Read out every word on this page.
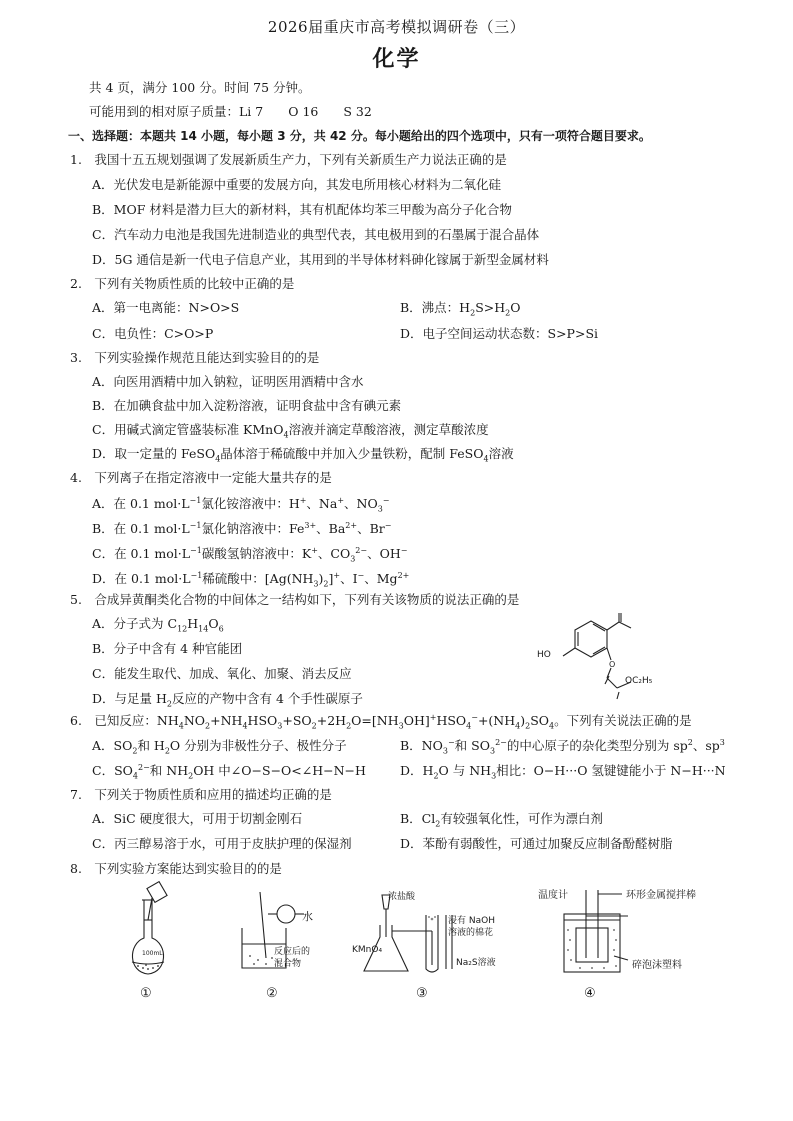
2026届重庆市高考模拟调研卷（三）
化学
共 4 页，满分 100 分。时间 75 分钟。
可能用到的相对原子质量：Li 7　　O 16　　S 32
一、选择题：本题共 14 小题，每小题 3 分，共 42 分。每小题给出的四个选项中，只有一项符合题目要求。
1.　我国十五五规划强调了发展新质生产力，下列有关新质生产力说法正确的是
A．光伏发电是新能源中重要的发展方向，其发电所用核心材料为二氧化硅
B．MOF 材料是潜力巨大的新材料，其有机配体均苯三甲酸为高分子化合物
C．汽车动力电池是我国先进制造业的典型代表，其电极用到的石墨属于混合晶体
D．5G 通信是新一代电子信息产业，其用到的半导体材料砷化镓属于新型金属材料
2.　下列有关物质性质的比较中正确的是
A．第一电离能：N>O>S	B．沸点：$H_2S>H_2O$
C．电负性：C>O>P	D．电子空间运动状态数：S>P>Si
3.　下列实验操作规范且能达到实验目的的是
A．向医用酒精中加入钠粒，证明医用酒精中含水
B．在加碘食盐中加入淀粉溶液，证明食盐中含有碘元素
C．用碱式滴定管盛装标准 KMnO$_4$溶液并滴定草酸溶液，测定草酸浓度
D．取一定量的 FeSO$_4$晶体溶于稀硫酸中并加入少量铁粉，配制 FeSO$_4$溶液
4.　下列离子在指定溶液中一定能大量共存的是
A．在 0.1 $mol\cdot L^{-1}$氯化铵溶液中：H+、Na+、$NO_3^-$
B．在 0.1 $mol\cdot L^{-1}$氯化钠溶液中：$Fe^{3+}$、$Ba^{2+}$、Br−
C．在 0.1 $mol\cdot L^{-1}$碳酸氢钠溶液中：K+、$CO_3^{2-}$、OH−
D．在 0.1 $mol\cdot L^{-1}$稀硫酸中：$[Ag(NH_3)_2]^+$、I−、$Mg^{2+}$
5.　合成异黄酮类化合物的中间体之一结构如下，下列有关该物质的说法正确的是
A．分子式为 $C_{12}H_{14}O_6$
B．分子中含有 4 种官能团
C．能发生取代、加成、氧化、加聚、消去反应
D．与足量 $H_2$反应的产物中含有 4 个手性碳原子
O
HO
OC₂H₅
6.　已知反应：$NH_4NO_2+NH_4HSO_3+SO_2+2H_2O=[NH_3OH]^+HSO_4^-+(NH_4)_2SO_4$。下列有关说法正确的是
A．$SO_2$和 $H_2O$ 分别为非极性分子、极性分子	B．$NO_3^-$和 $SO_3^{2-}$的中心原子的杂化类型分别为 $sp^2$、$sp^3$
C．$SO_4^{2-}$和 $NH_2OH$ 中∠O−S−O<∠H−N−H	D．$H_2O$ 与 $NH_3$相比：O−H···O 氢键键能小于 N−H···N
7.　下列关于物质性质和应用的描述均正确的是
A．SiC 硬度很大，可用于切割金刚石	B．$Cl_2$有较强氧化性，可作为漂白剂
C．丙三醇易溶于水，可用于皮肤护理的保湿剂	D．苯酚有弱酸性，可通过加聚反应制备酚醛树脂
8.　下列实验方案能达到实验目的的是
100mL
①
水
反应后的
混合物
②
浓盐酸
浸有 NaOH
溶液的棉花
KMnO₄
Na₂S溶液
③
温度计	环形金属搅拌棒
碎泡沫塑料
④
